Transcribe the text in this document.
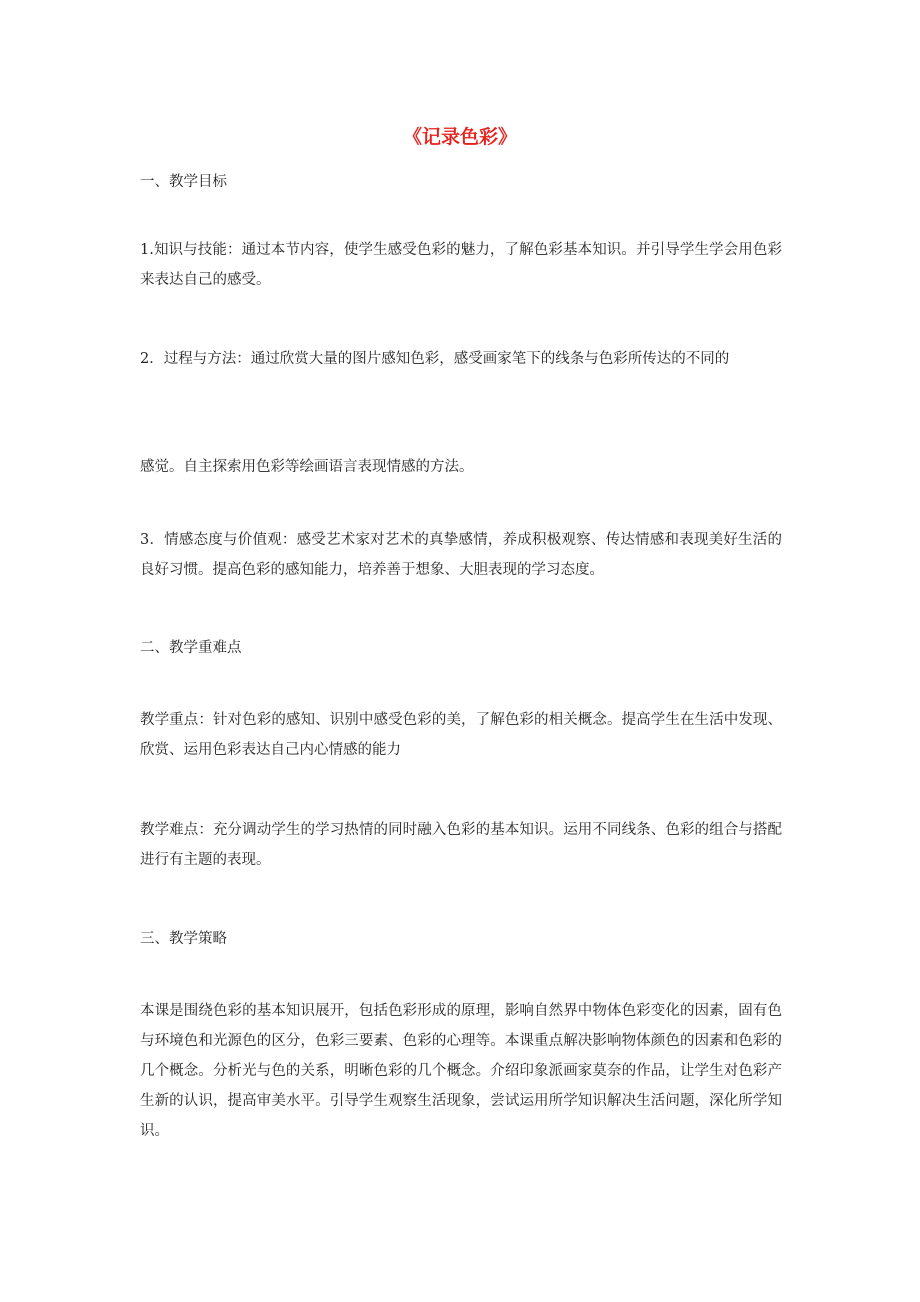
《记录色彩》

一、教学目标

1.知识与技能：通过本节内容，使学生感受色彩的魅力，了解色彩基本知识。并引导学生学会用色彩来表达自己的感受。

2．过程与方法：通过欣赏大量的图片感知色彩，感受画家笔下的线条与色彩所传达的不同的

感觉。自主探索用色彩等绘画语言表现情感的方法。

3．情感态度与价值观：感受艺术家对艺术的真挚感情，养成积极观察、传达情感和表现美好生活的良好习惯。提高色彩的感知能力，培养善于想象、大胆表现的学习态度。

二、教学重难点

教学重点：针对色彩的感知、识别中感受色彩的美，了解色彩的相关概念。提高学生在生活中发现、欣赏、运用色彩表达自己内心情感的能力

教学难点：充分调动学生的学习热情的同时融入色彩的基本知识。运用不同线条、色彩的组合与搭配进行有主题的表现。

三、教学策略

本课是围绕色彩的基本知识展开，包括色彩形成的原理，影响自然界中物体色彩变化的因素，固有色与环境色和光源色的区分，色彩三要素、色彩的心理等。本课重点解决影响物体颜色的因素和色彩的几个概念。分析光与色的关系，明晰色彩的几个概念。介绍印象派画家莫奈的作品，让学生对色彩产生新的认识，提高审美水平。引导学生观察生活现象，尝试运用所学知识解决生活问题，深化所学知识。
